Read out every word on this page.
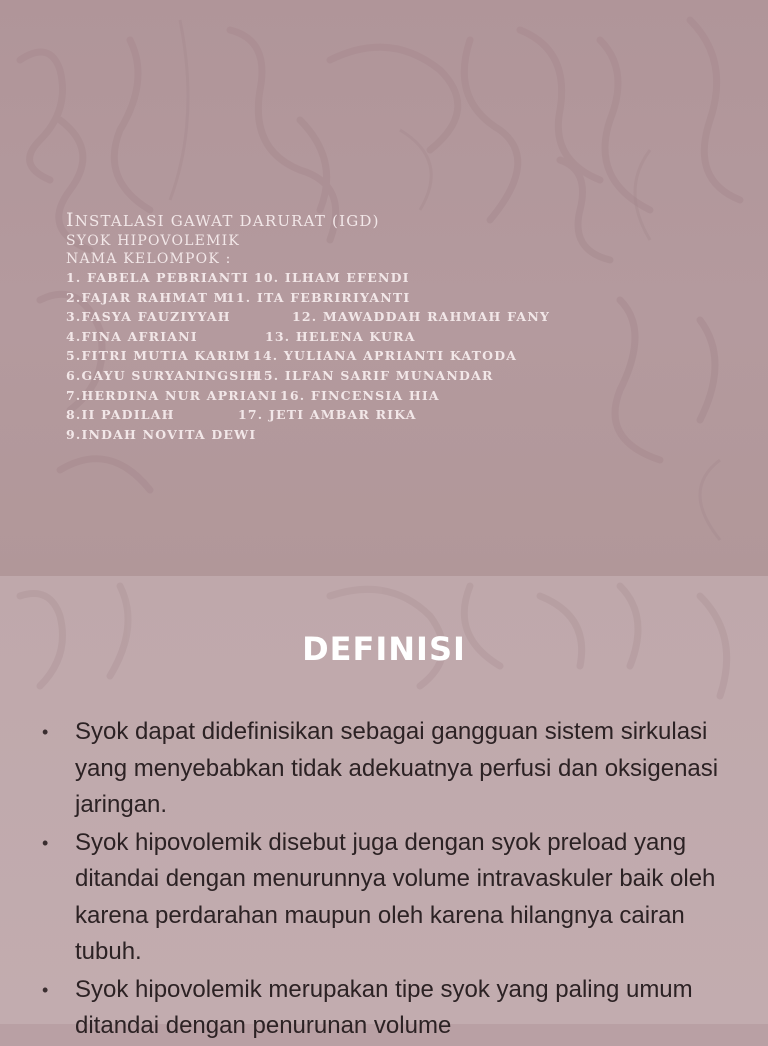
INSTALASI GAWAT DARURAT (IGD)
SYOK HIPOVOLEMIK
NAMA KELOMPOK :
1. FABELA PEBRIANTI 10. ILHAM EFENDI
2.FAJAR RAHMAT M11. ITA FEBRIRIYANTI
3.FASYA FAUZIYYAH	12. MAWADDAH RAHMAH FANY
4.FINA AFRIANI	13. HELENA KURA
5.FITRI MUTIA KARIM 14. YULIANA APRIANTI KATODA
6.GAYU SURYANINGSIH15. ILFAN SARIF MUNANDAR
7.HERDINA NUR APRIANI 16. FINCENSIA HIA
8.II PADILAH	17. JETI AMBAR RIKA
9.INDAH NOVITA DEWI
DEFINISI
• Syok dapat didefinisikan sebagai gangguan sistem sirkulasi yang menyebabkan tidak adekuatnya perfusi dan oksigenasi jaringan.
• Syok hipovolemik disebut juga dengan syok preload yang ditandai dengan menurunnya volume intravaskuler baik oleh karena perdarahan maupun oleh karena hilangnya cairan tubuh.
• Syok hipovolemik merupakan tipe syok yang paling umum ditandai dengan penurunan volume
